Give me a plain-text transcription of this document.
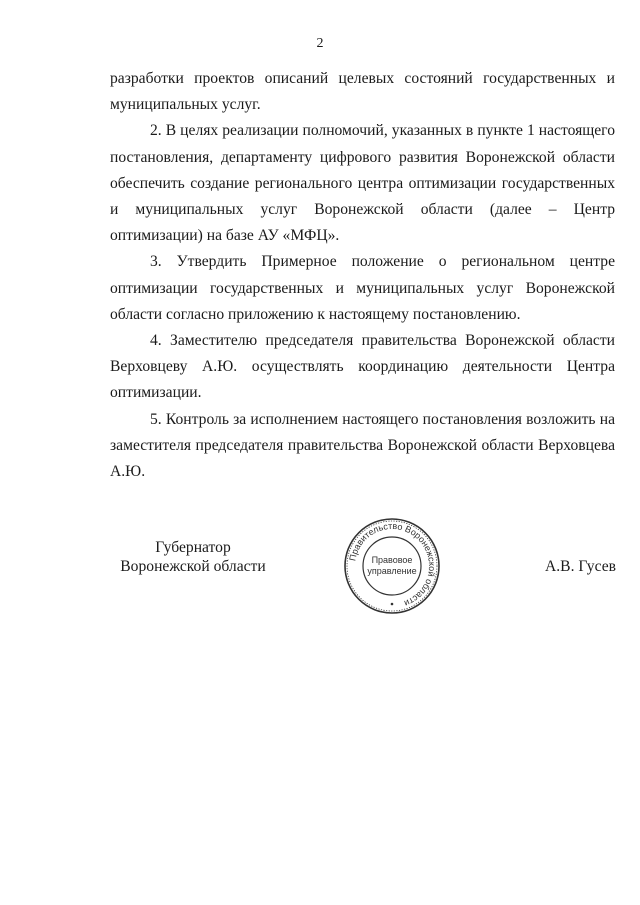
2

разработки проектов описаний целевых состояний государственных и муниципальных услуг.

2. В целях реализации полномочий, указанных в пункте 1 настоящего постановления, департаменту цифрового развития Воронежской области обеспечить создание регионального центра оптимизации государственных и муниципальных услуг Воронежской области (далее – Центр оптимизации) на базе АУ «МФЦ».

3. Утвердить Примерное положение о региональном центре оптимизации государственных и муниципальных услуг Воронежской области согласно приложению к настоящему постановлению.

4. Заместителю председателя правительства Воронежской области Верховцеву А.Ю. осуществлять координацию деятельности Центра оптимизации.

5. Контроль за исполнением настоящего постановления возложить на заместителя председателя правительства Воронежской области Верховцева А.Ю.

Губернатор
Воронежской области
Правительство Воронежской области
Правовое
управление	А.В. Гусев
